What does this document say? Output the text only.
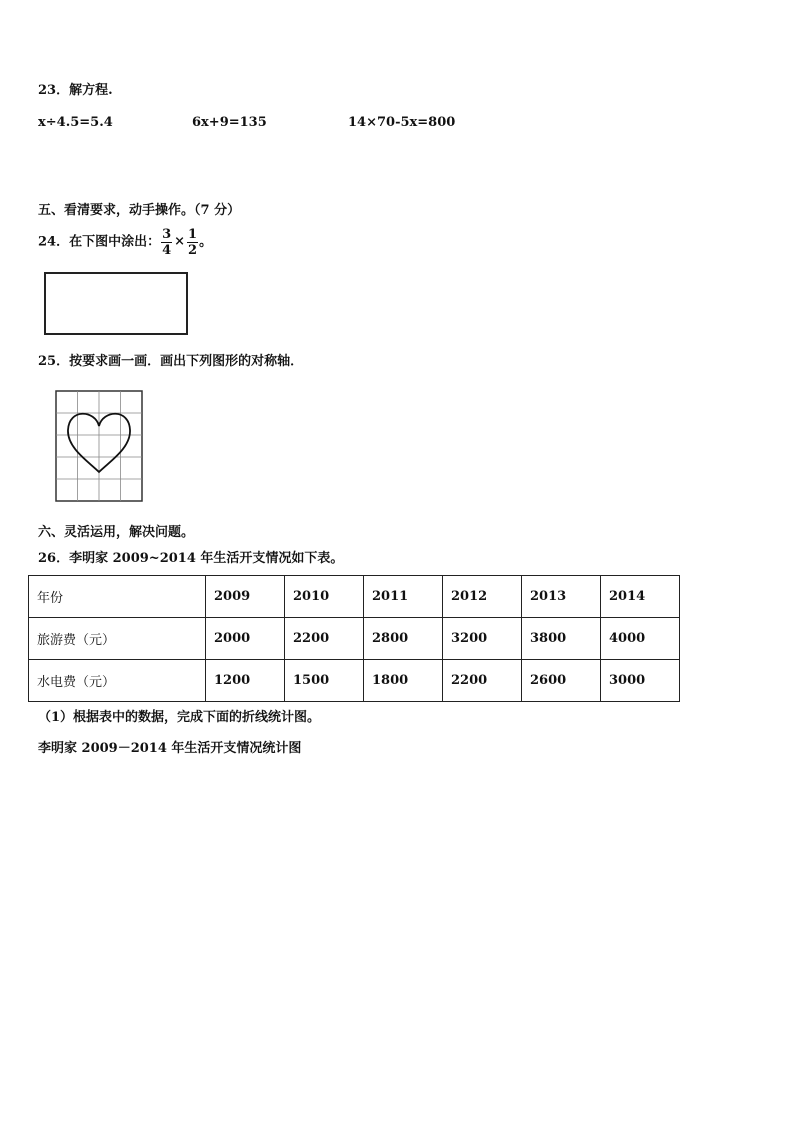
23．解方程.
x÷4.5=5.4	6x+9=135	14×70-5x=800
五、看清要求，动手操作。（7 分）
24．在下图中涂出： $\frac{3}{4} \times \frac{1}{2}$ 。
25．按要求画一画．画出下列图形的对称轴．
六、灵活运用，解决问题。
26．李明家 2009~2014 年生活开支情况如下表。
年份	2009	2010	2011	2012	2013	2014
旅游费（元）	2000	2200	2800	3200	3800	4000
水电费（元）	1200	1500	1800	2200	2600	3000
（1）根据表中的数据，完成下面的折线统计图。
李明家 2009－2014 年生活开支情况统计图
